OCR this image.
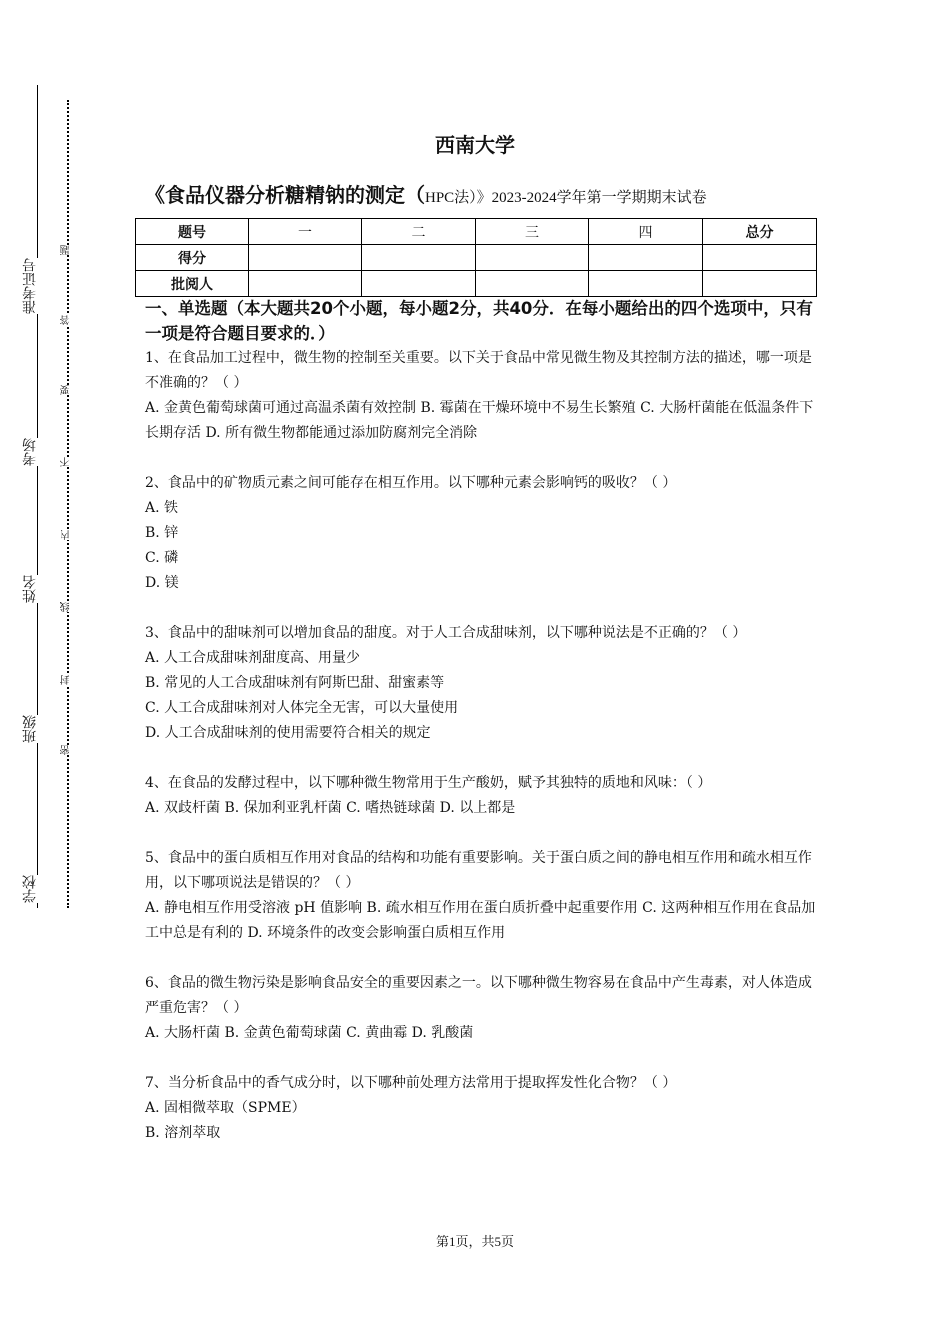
准考证号
考场
姓名
班级
学校
题
答
要
不
内
线
封
密
西南大学
《食品仪器分析糖精钠的测定（HPC法）》2023-2024学年第一学期期末试卷
题号	一	二	三	四	总分
得分					
批阅人					
一、单选题（本大题共20个小题，每小题2分，共40分．在每小题给出的四个选项中，只有一项是符合题目要求的．）

1、在食品加工过程中，微生物的控制至关重要。以下关于食品中常见微生物及其控制方法的描述，哪一项是不准确的？（ ）

A. 金黄色葡萄球菌可通过高温杀菌有效控制 B. 霉菌在干燥环境中不易生长繁殖 C. 大肠杆菌能在低温条件下长期存活 D. 所有微生物都能通过添加防腐剂完全消除

2、食品中的矿物质元素之间可能存在相互作用。以下哪种元素会影响钙的吸收？（ ）

A. 铁

B. 锌

C. 磷

D. 镁

3、食品中的甜味剂可以增加食品的甜度。对于人工合成甜味剂，以下哪种说法是不正确的？（ ）

A. 人工合成甜味剂甜度高、用量少

B. 常见的人工合成甜味剂有阿斯巴甜、甜蜜素等

C. 人工合成甜味剂对人体完全无害，可以大量使用

D. 人工合成甜味剂的使用需要符合相关的规定

4、在食品的发酵过程中，以下哪种微生物常用于生产酸奶，赋予其独特的质地和风味：（ ）

A. 双歧杆菌 B. 保加利亚乳杆菌 C. 嗜热链球菌 D. 以上都是

5、食品中的蛋白质相互作用对食品的结构和功能有重要影响。关于蛋白质之间的静电相互作用和疏水相互作用，以下哪项说法是错误的？（ ）

A. 静电相互作用受溶液 pH 值影响 B. 疏水相互作用在蛋白质折叠中起重要作用 C. 这两种相互作用在食品加工中总是有利的 D. 环境条件的改变会影响蛋白质相互作用

6、食品的微生物污染是影响食品安全的重要因素之一。以下哪种微生物容易在食品中产生毒素，对人体造成严重危害？（ ）

A. 大肠杆菌 B. 金黄色葡萄球菌 C. 黄曲霉 D. 乳酸菌

7、当分析食品中的香气成分时，以下哪种前处理方法常用于提取挥发性化合物？（ ）

A. 固相微萃取（SPME）

B. 溶剂萃取

第1页，共5页
